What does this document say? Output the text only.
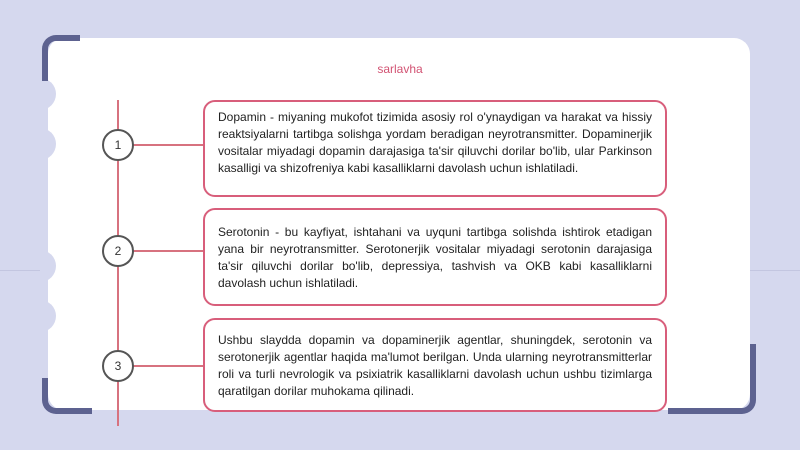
sarlavha
1
Dopamin - miyaning mukofot tizimida asosiy rol o'ynaydigan va harakat va hissiy reaktsiyalarni tartibga solishga yordam beradigan neyrotransmitter. Dopaminerjik vositalar miyadagi dopamin darajasiga ta'sir qiluvchi dorilar bo'lib, ular Parkinson kasalligi va shizofreniya kabi kasalliklarni davolash uchun ishlatiladi.
2
Serotonin - bu kayfiyat, ishtahani va uyquni tartibga solishda ishtirok etadigan yana bir neyrotransmitter. Serotonerjik vositalar miyadagi serotonin darajasiga ta'sir qiluvchi dorilar bo'lib, depressiya, tashvish va OKB kabi kasalliklarni davolash uchun ishlatiladi.
3
Ushbu slaydda dopamin va dopaminerjik agentlar, shuningdek, serotonin va serotonerjik agentlar haqida ma'lumot berilgan. Unda ularning neyrotransmitterlar roli va turli nevrologik va psixiatrik kasalliklarni davolash uchun ushbu tizimlarga qaratilgan dorilar muhokama qilinadi.
